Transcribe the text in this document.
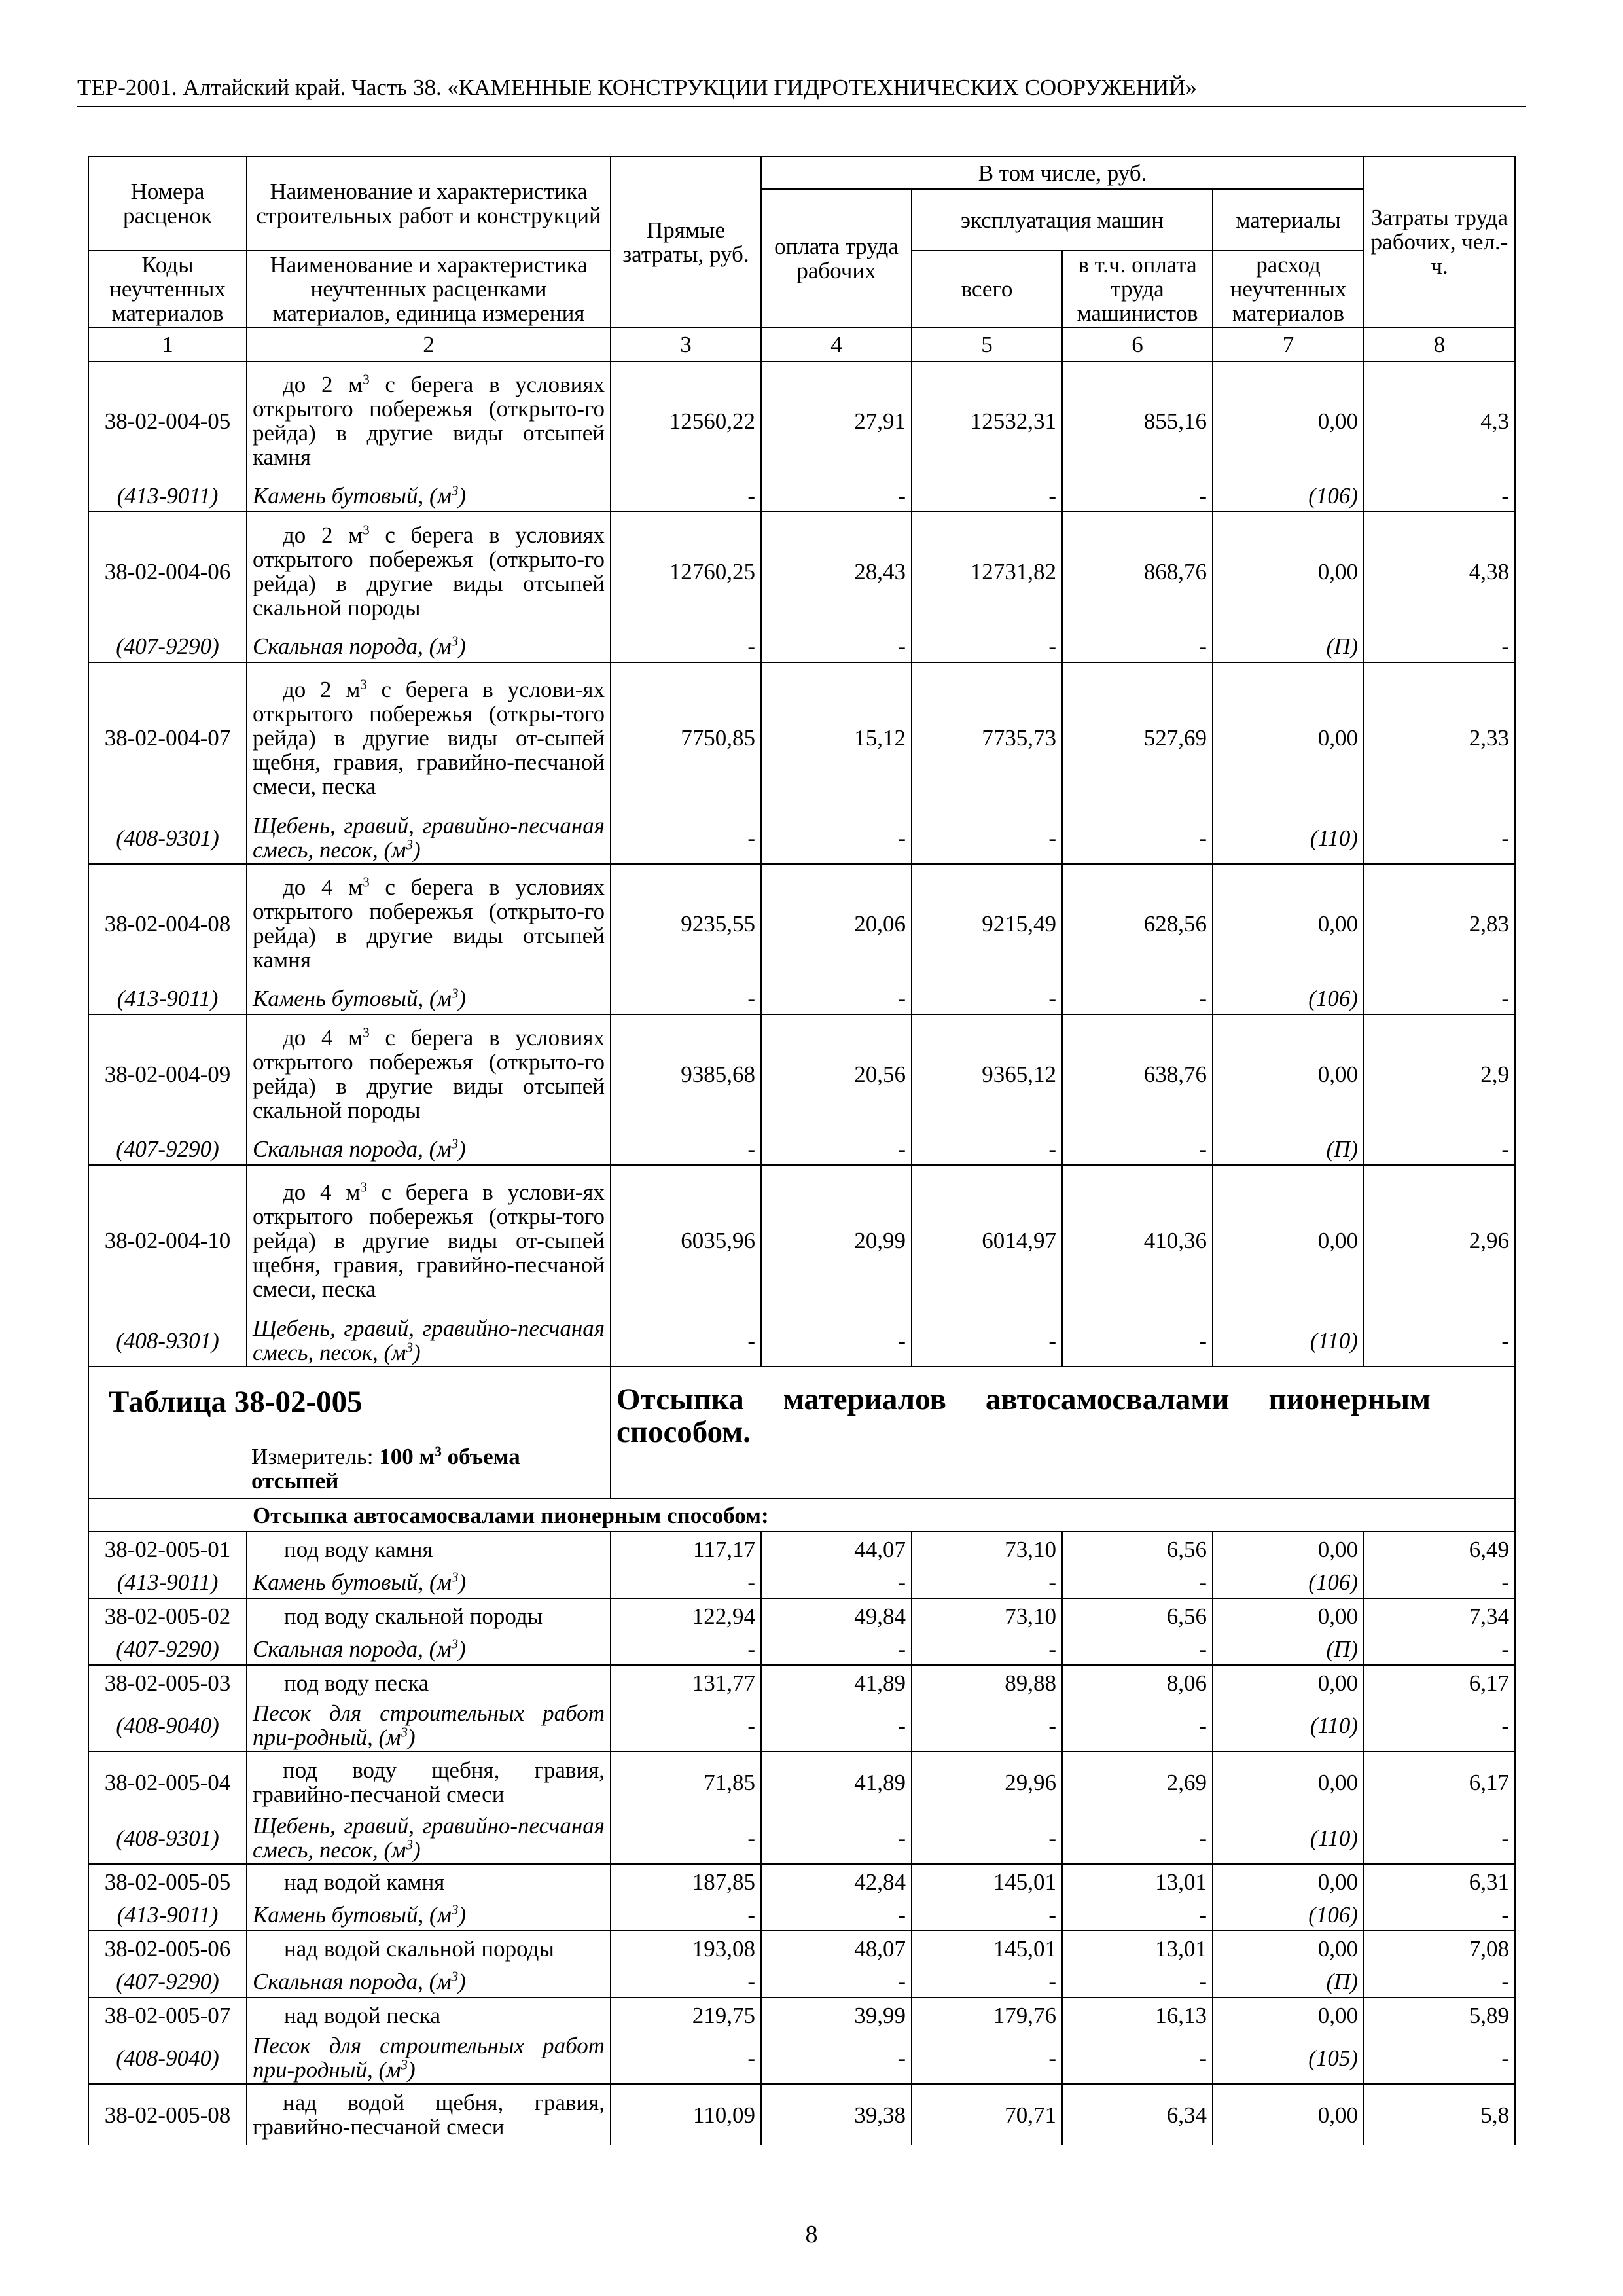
ТЕР-2001. Алтайский край. Часть 38. «КАМЕННЫЕ КОНСТРУКЦИИ ГИДРОТЕХНИЧЕСКИХ СООРУЖЕНИЙ»
Номера расценок	Наименование и характеристика строительных работ и конструкций	Прямые затраты, руб.	В том числе, руб.				Затраты труда рабочих, чел.-ч.
			оплата труда рабочих	эксплуатация машин		материалы	
Коды неучтенных материалов	Наименование и характеристика неучтенных расценками материалов, единица измерения			всего	в т.ч. оплата труда машинистов	расход неучтенных материалов	
1	2	3	4	5	6	7	8
38-02-004-05	до 2 $м^3$ с берега в условиях открытого побережья (открыто-го рейда) в другие виды отсыпей камня	12560,22	27,91	12532,31	855,16	0,00	4,3
(413-9011)	Камень бутовый, $(м^3)$	-	-	-	-	(106)	-
38-02-004-06	до 2 $м^3$ с берега в условиях открытого побережья (открыто-го рейда) в другие виды отсыпей скальной породы	12760,25	28,43	12731,82	868,76	0,00	4,38
(407-9290)	Скальная порода, $(м^3)$	-	-	-	-	(П)	-
38-02-004-07	до 2 $м^3$ с берега в услови-ях открытого побережья (откры-того рейда) в другие виды от-сыпей щебня, гравия, гравийно-песчаной смеси, песка	7750,85	15,12	7735,73	527,69	0,00	2,33
(408-9301)	Щебень, гравий, гравийно-песчаная смесь, песок, $(м^3)$	-	-	-	-	(110)	-
38-02-004-08	до 4 $м^3$ с берега в условиях открытого побережья (открыто-го рейда) в другие виды отсыпей камня	9235,55	20,06	9215,49	628,56	0,00	2,83
(413-9011)	Камень бутовый, $(м^3)$	-	-	-	-	(106)	-
38-02-004-09	до 4 $м^3$ с берега в условиях открытого побережья (открыто-го рейда) в другие виды отсыпей скальной породы	9385,68	20,56	9365,12	638,76	0,00	2,9
(407-9290)	Скальная порода, $(м^3)$	-	-	-	-	(П)	-
38-02-004-10	до 4 $м^3$ с берега в услови-ях открытого побережья (откры-того рейда) в другие виды от-сыпей щебня, гравия, гравийно-песчаной смеси, песка	6035,96	20,99	6014,97	410,36	0,00	2,96
(408-9301)	Щебень, гравий, гравийно-песчаная смесь, песок, $(м^3)$	-	-	-	-	(110)	-

Таблица 38-02-005
Измеритель: 100 $м^3$ объема отсыпей		Отсыпка материалов автосамосвалами пионерным способом.					

Отсыпка автосамосвалами пионерным способом:							
38-02-005-01	под воду камня	117,17	44,07	73,10	6,56	0,00	6,49
(413-9011)	Камень бутовый, $(м^3)$	-	-	-	-	(106)	-
38-02-005-02	под воду скальной породы	122,94	49,84	73,10	6,56	0,00	7,34
(407-9290)	Скальная порода, $(м^3)$	-	-	-	-	(П)	-
38-02-005-03	под воду песка	131,77	41,89	89,88	8,06	0,00	6,17
(408-9040)	Песок для строительных работ при-родный, $(м^3)$	-	-	-	-	(110)	-
38-02-005-04	под воду щебня, гравия, гравийно-песчаной смеси	71,85	41,89	29,96	2,69	0,00	6,17
(408-9301)	Щебень, гравий, гравийно-песчаная смесь, песок, $(м^3)$	-	-	-	-	(110)	-
38-02-005-05	над водой камня	187,85	42,84	145,01	13,01	0,00	6,31
(413-9011)	Камень бутовый, $(м^3)$	-	-	-	-	(106)	-
38-02-005-06	над водой скальной породы	193,08	48,07	145,01	13,01	0,00	7,08
(407-9290)	Скальная порода, $(м^3)$	-	-	-	-	(П)	-
38-02-005-07	над водой песка	219,75	39,99	179,76	16,13	0,00	5,89
(408-9040)	Песок для строительных работ при-родный, $(м^3)$	-	-	-	-	(105)	-
38-02-005-08	над водой щебня, гравия, гравийно-песчаной смеси	110,09	39,38	70,71	6,34	0,00	5,8
8
